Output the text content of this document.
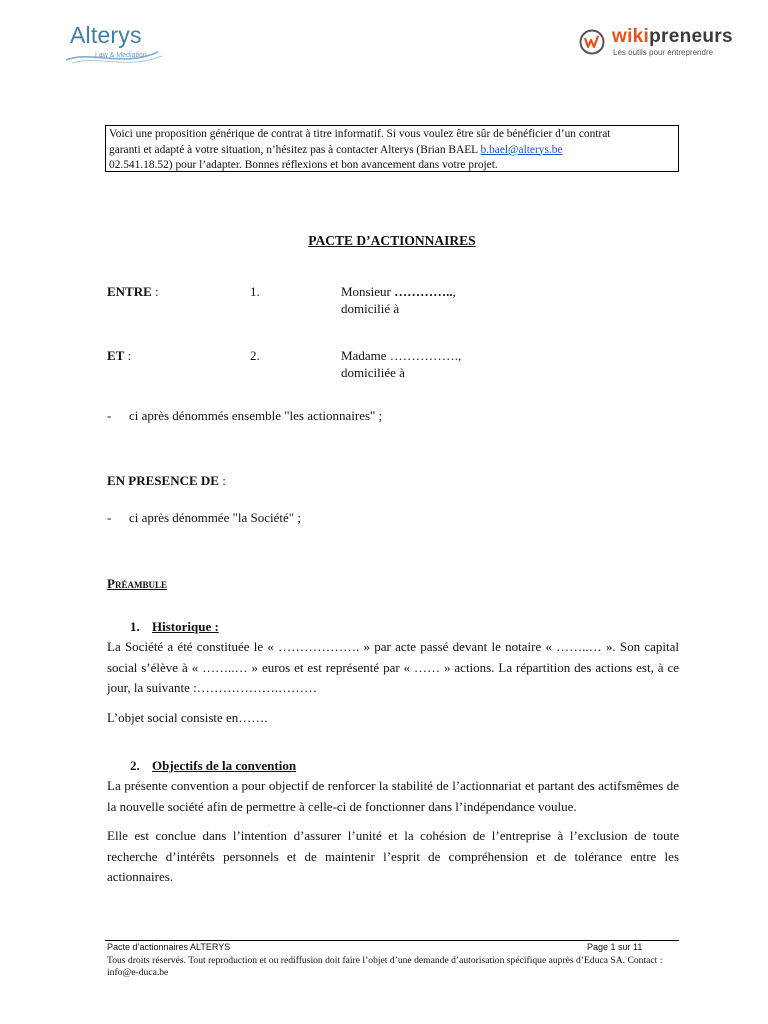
Alterys
Law & Mediation
wikipreneurs
Les outils pour entreprendre
Voici une proposition générique de contrat à titre informatif. Si vous voulez être sûr de bénéficier d’un contrat
garanti et adapté à votre situation, n’hésitez pas à contacter Alterys (Brian BAEL b.bael@alterys.be
02.541.18.52) pour l’adapter. Bonnes réflexions et bon avancement dans votre projet.
PACTE D’ACTIONNAIRES
ENTRE :	1.	Monsieur …………..,
domicilié à
ET :	2.	Madame …………….,
domiciliée à
- ci après dénommés ensemble "les actionnaires" ;
EN PRESENCE DE :
- ci après dénommée "la Société" ;
Préambule
1. Historique :
La Société a été constituée le « ………………. » par acte passé devant le notaire « ……..… ». Son capital social s’élève à « ……..… » euros et est représenté par « …… » actions. La répartition des actions est, à ce jour, la suivante :……………….………
L’objet social consiste en…….
2. Objectifs de la convention
La présente convention a pour objectif de renforcer la stabilité de l’actionnariat et partant des actifsmêmes de la nouvelle société afin de permettre à celle-ci de fonctionner dans l’indépendance voulue.
Elle est conclue dans l’intention d’assurer l’unité et la cohésion de l’entreprise à l’exclusion de toute recherche d’intérêts personnels et de maintenir l’esprit de compréhension et de tolérance entre les actionnaires.
Pacte d’actionnaires ALTERYS	Page 1 sur 11
Tous droits réservés. Tout reproduction et ou rediffusion doit faire l’objet d’une demande d’autorisation spécifique auprès d’Educa SA. Contact : info@e-duca.be
